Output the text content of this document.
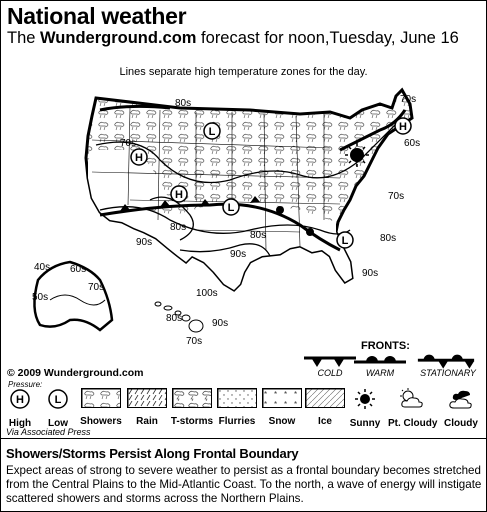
National weather
The Wunderground.com forecast for noon,Tuesday, June 16
Lines separate high temperature zones for the day.
H
L
H
L
H
L
80s	70s
60s
80s
70s
90s
80s
90s
80s
100s
90s
70s
60s
70s
40s
50s
80s	90s
70s
© 2009 Wunderground.com
FRONTS:
COLD	WARM	STATIONARY
Pressure:
H
High
L
Low	Showers	Rain	T-storms Flurries	Snow	Ice	Sunny Pt. Cloudy Cloudy
Via Associated Press
Showers/Storms Persist Along Frontal Boundary
Expect areas of strong to severe weather to persist as a frontal boundary becomes stretched from the Central Plains to the Mid-Atlantic Coast. To the north, a wave of energy will instigate scattered showers and storms across the Northern Plains.
